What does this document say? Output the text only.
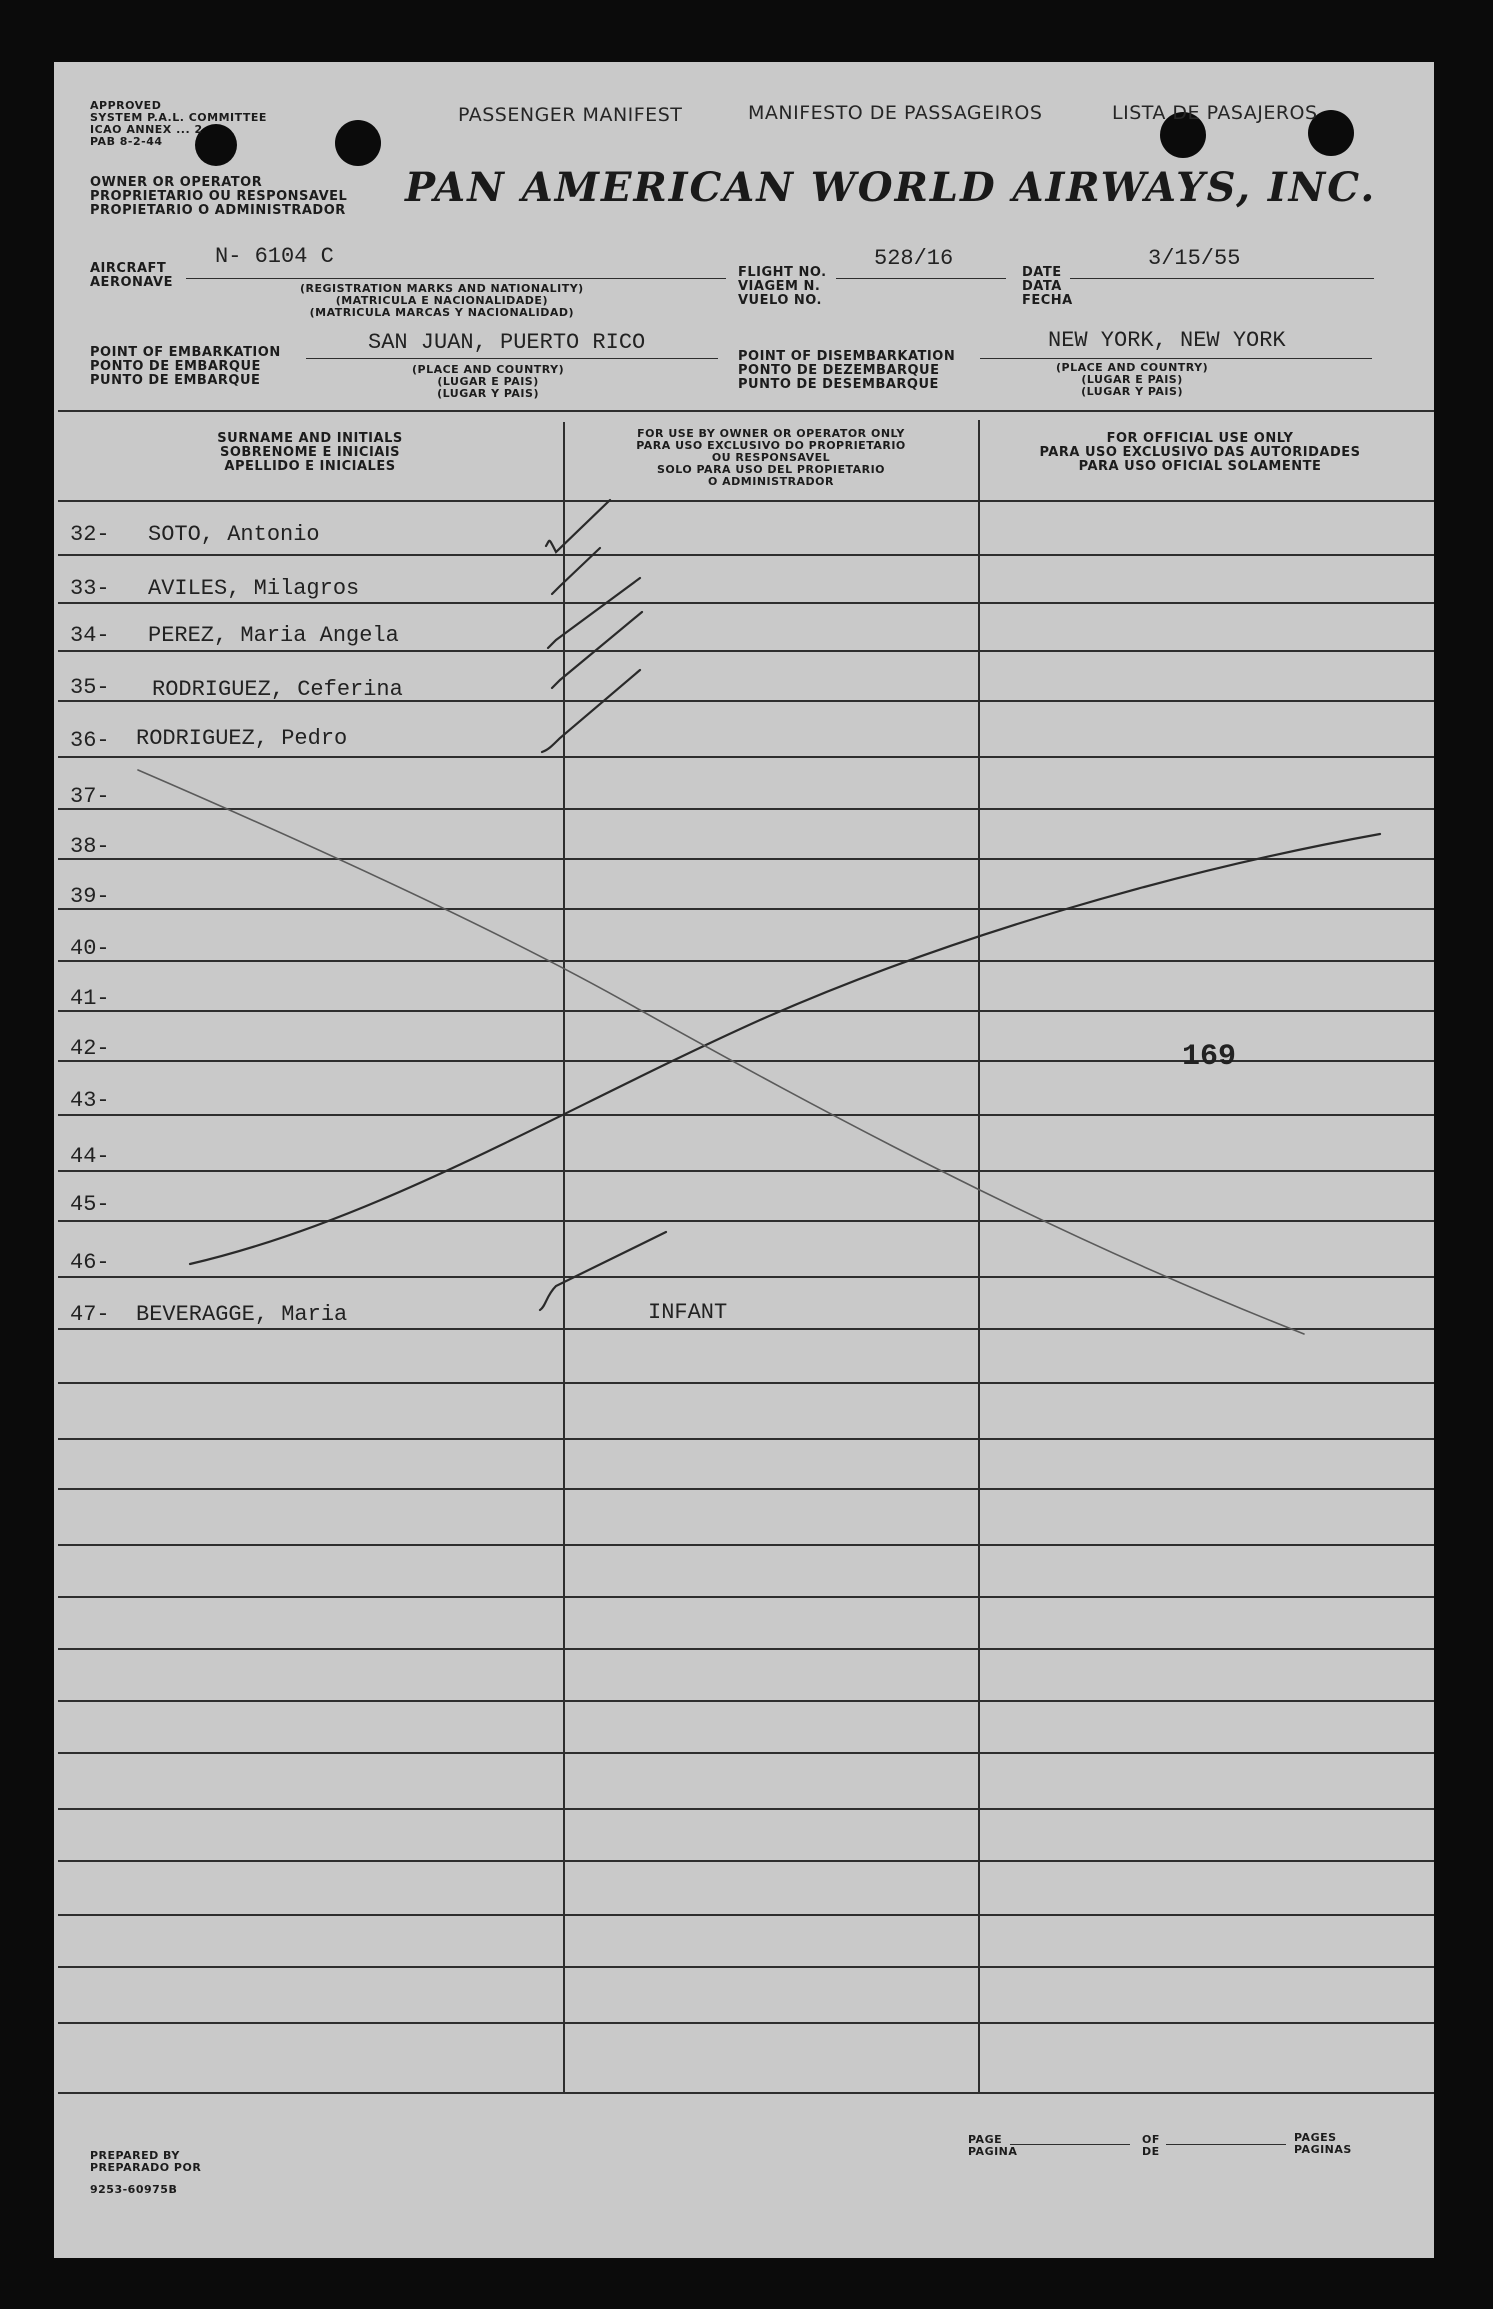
APPROVED
SYSTEM P.A.L. COMMITTEE
ICAO ANNEX ... 2
PAB 8-2-44
PASSENGER MANIFEST	MANIFESTO DE PASSAGEIROS	LISTA DE PASAJEROS
OWNER OR OPERATOR
PROPRIETARIO OU RESPONSAVEL
PROPIETARIO O ADMINISTRADOR PAN AMERICAN WORLD AIRWAYS, INC.
AIRCRAFT
AERONAVE
N- 6104 C
(REGISTRATION MARKS AND NATIONALITY)
(MATRICULA E NACIONALIDADE)
(MATRICULA MARCAS Y NACIONALIDAD)
FLIGHT NO.
VIAGEM N.
VUELO NO.
528/16
DATE
DATA
FECHA
3/15/55
POINT OF EMBARKATION
PONTO DE EMBARQUE
PUNTO DE EMBARQUE
SAN JUAN, PUERTO RICO
(PLACE AND COUNTRY)
(LUGAR E PAIS)
(LUGAR Y PAIS)
POINT OF DISEMBARKATION
PONTO DE DEZEMBARQUE
PUNTO DE DESEMBARQUE
NEW YORK, NEW YORK
(PLACE AND COUNTRY)
(LUGAR E PAIS)
(LUGAR Y PAIS)
SURNAME AND INITIALS
SOBRENOME E INICIAIS
APELLIDO E INICIALES
FOR USE BY OWNER OR OPERATOR ONLY
PARA USO EXCLUSIVO DO PROPRIETARIO
OU RESPONSAVEL
SOLO PARA USO DEL PROPIETARIO
O ADMINISTRADOR
FOR OFFICIAL USE ONLY
PARA USO EXCLUSIVO DAS AUTORIDADES
PARA USO OFICIAL SOLAMENTE
32- SOTO, Antonio
33- AVILES, Milagros
34- PEREZ, Maria Angela
35- RODRIGUEZ, Ceferina
36- RODRIGUEZ, Pedro
37-
38-
39-
40-
41-
42-
43-
44-
45-
46-
47- BEVERAGGE, Maria	INFANT
169
PREPARED BY
PREPARADO POR
9253-60975B
PAGE
PAGINA
OF
DE
PAGES
PAGINAS
